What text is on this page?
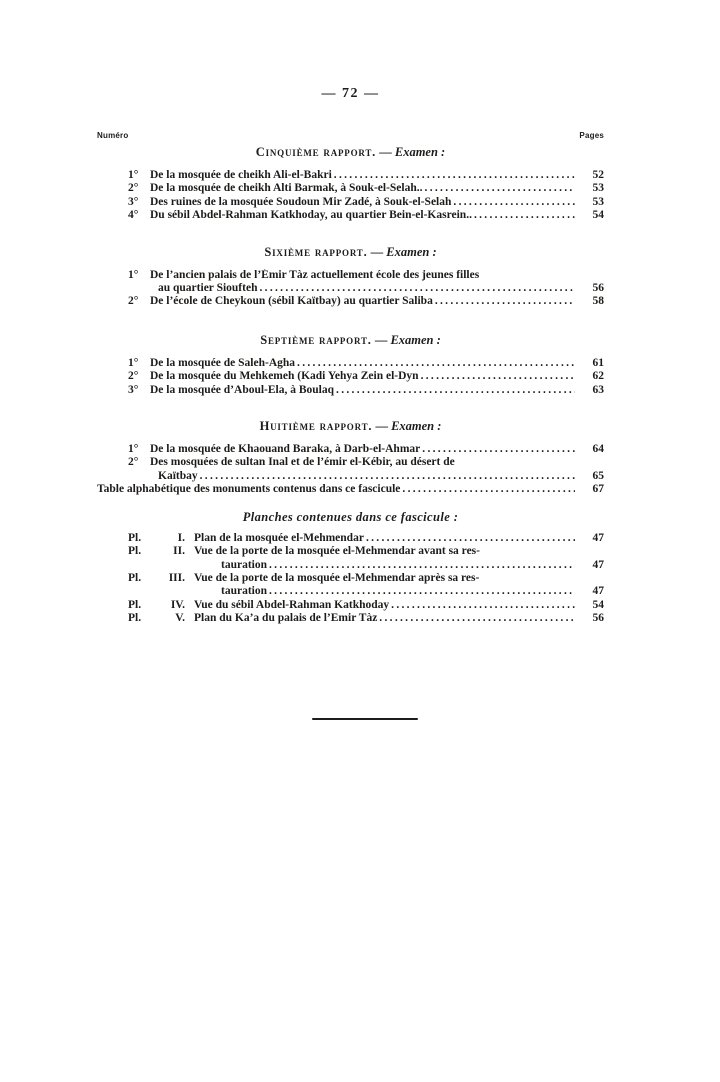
— 72 —
Numéro	Pages
Cinquième rapport. — Examen :
1°	De la mosquée de cheikh Ali-el-Bakri .....	52
2°	De la mosquée de cheikh Alti Barmak, à Souk-el-Selah.. .....	53
3°	Des ruines de la mosquée Soudoun Mir Zadé, à Souk-el-Selah .....	53
4°	Du sébil Abdel-Rahman Katkhoday, au quartier Bein-el-Kasrein.. .....	54
Sixième rapport. — Examen :
1°	De l’ancien palais de l’Émir Tàz actuellement école des jeunes filles
au quartier Sioufteh .....	56
2°	De l’école de Cheykoun (sébil Kaïtbay) au quartier Saliba .....	58
Septième rapport. — Examen :
1°	De la mosquée de Saleh-Agha .....	61
2°	De la mosquée du Mehkemeh (Kadi Yehya Zein el-Dyn .....	62
3°	De la mosquée d’Aboul-Ela, à Boulaq .....	63
Huitième rapport. — Examen :
1°	De la mosquée de Khaouand Baraka, à Darb-el-Ahmar .....	64
2°	Des mosquées de sultan Inal et de l’émir el-Kébir, au désert de
Kaïtbay .....	65
Table alphabétique des monuments contenus dans ce fascicule .....	67
Planches contenues dans ce fascicule :
Pl.	I. Plan de la mosquée el-Mehmendar .....	47
Pl.	II. Vue de la porte de la mosquée el-Mehmendar avant sa res-
tauration .....	47
Pl. III. Vue de la porte de la mosquée el-Mehmendar après sa res-
tauration .....	47
Pl.	IV. Vue du sébil Abdel-Rahman Katkhoday .....	54
Pl.	V. Plan du Ka’a du palais de l’Emir Tàz .....	56
